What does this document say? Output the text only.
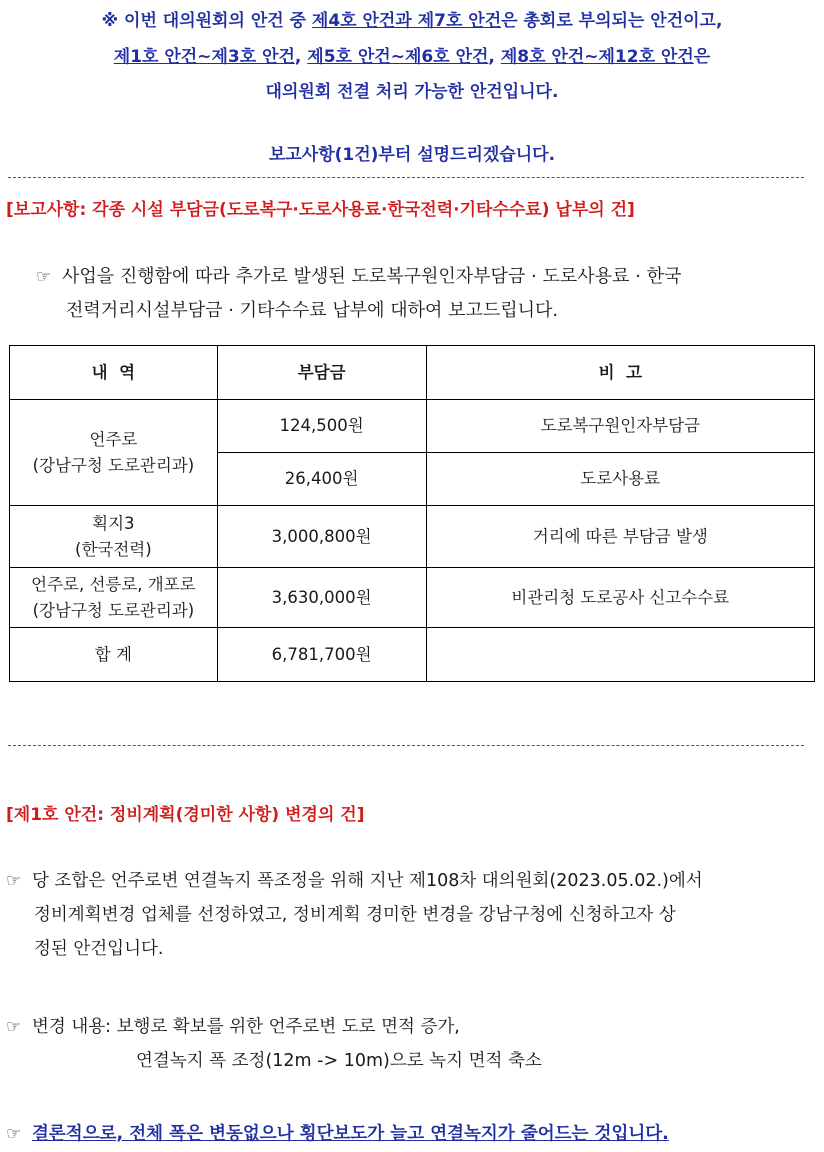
※ 이번 대의원회의 안건 중 제4호 안건과 제7호 안건은 총회로 부의되는 안건이고,
제1호 안건~제3호 안건, 제5호 안건~제6호 안건, 제8호 안건~제12호 안건은
대의원회 전결 처리 가능한 안건입니다.
보고사항(1건)부터 설명드리겠습니다.
[보고사항: 각종 시설 부담금(도로복구·도로사용료·한국전력·기타수수료) 납부의 건]
☞ 사업을 진행함에 따라 추가로 발생된 도로복구원인자부담금 · 도로사용료 · 한국
전력거리시설부담금 · 기타수수료 납부에 대하여 보고드립니다.
내  역	부담금	비  고

언주로
(강남구청 도로관리과)	124,500원	도로복구원인자부담금
	26,400원	도로사용료

획지3
(한국전력)	3,000,800원	거리에 따른 부담금 발생

언주로, 선릉로, 개포로
(강남구청 도로관리과)	3,630,000원	비관리청 도로공사 신고수수료
합 계	6,781,700원	
[제1호 안건: 정비계획(경미한 사항) 변경의 건]
☞ 당 조합은 언주로변 연결녹지 폭조정을 위해 지난 제108차 대의원회(2023.05.02.)에서
정비계획변경 업체를 선정하였고, 정비계획 경미한 변경을 강남구청에 신청하고자 상
정된 안건입니다.
☞ 변경 내용: 보행로 확보를 위한 언주로변 도로 면적 증가,
연결녹지 폭 조정(12m -> 10m)으로 녹지 면적 축소
☞ 결론적으로, 전체 폭은 변동없으나 횡단보도가 늘고 연결녹지가 줄어드는 것입니다.
